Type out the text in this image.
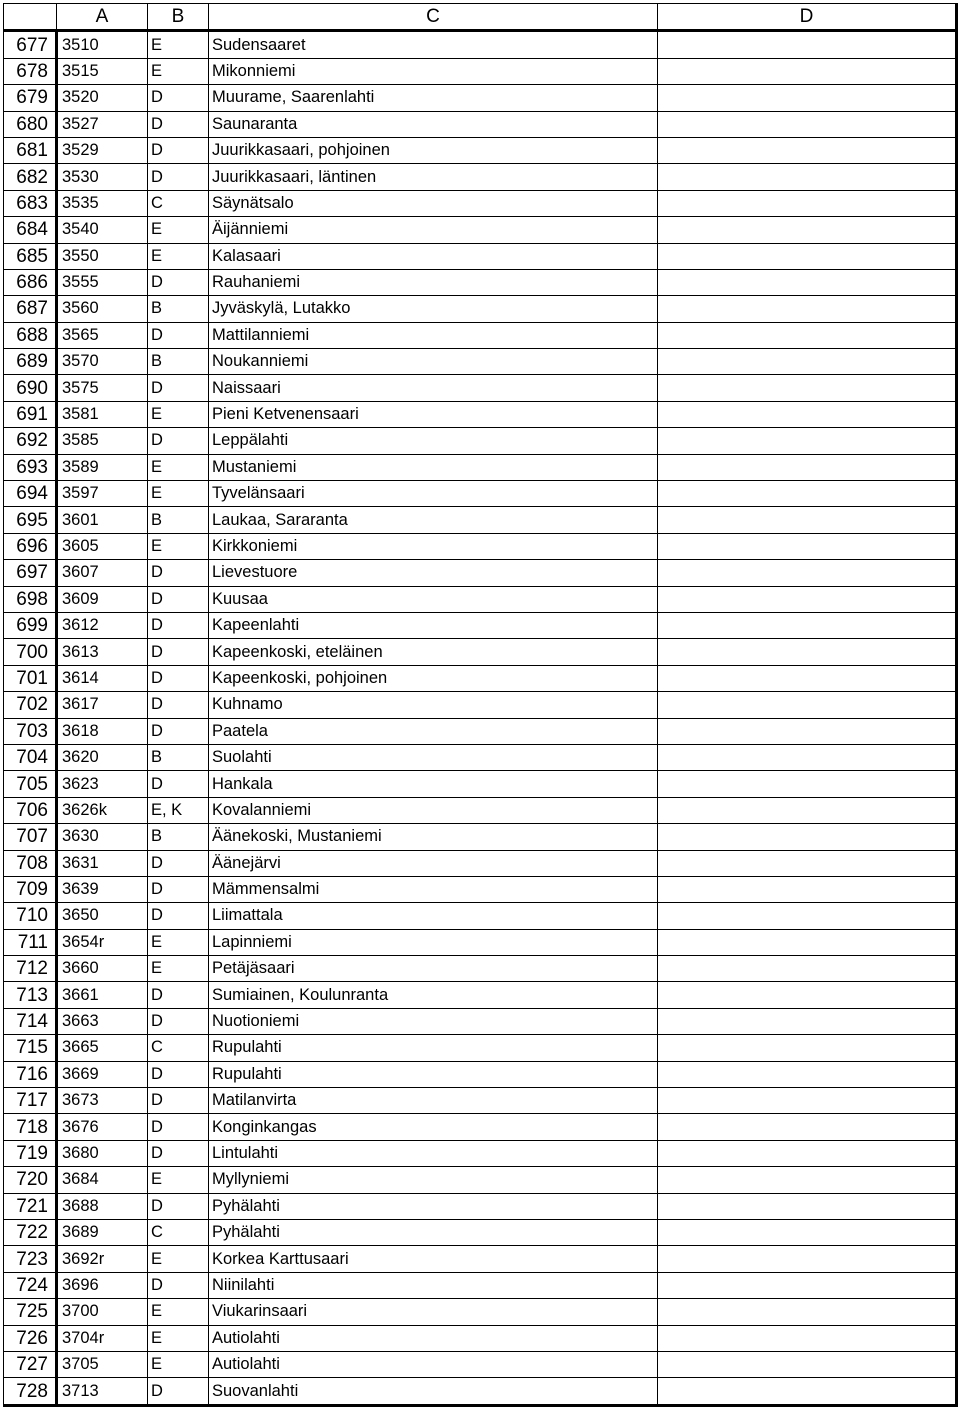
	A	B	C	D
677	3510	E	Sudensaaret	
678	3515	E	Mikonniemi	
679	3520	D	Muurame, Saarenlahti	
680	3527	D	Saunaranta	
681	3529	D	Juurikkasaari, pohjoinen	
682	3530	D	Juurikkasaari, läntinen	
683	3535	C	Säynätsalo	
684	3540	E	Äijänniemi	
685	3550	E	Kalasaari	
686	3555	D	Rauhaniemi	
687	3560	B	Jyväskylä, Lutakko	
688	3565	D	Mattilanniemi	
689	3570	B	Noukanniemi	
690	3575	D	Naissaari	
691	3581	E	Pieni Ketvenensaari	
692	3585	D	Leppälahti	
693	3589	E	Mustaniemi	
694	3597	E	Tyvelänsaari	
695	3601	B	Laukaa, Sararanta	
696	3605	E	Kirkkoniemi	
697	3607	D	Lievestuore	
698	3609	D	Kuusaa	
699	3612	D	Kapeenlahti	
700	3613	D	Kapeenkoski, eteläinen	
701	3614	D	Kapeenkoski, pohjoinen	
702	3617	D	Kuhnamo	
703	3618	D	Paatela	
704	3620	B	Suolahti	
705	3623	D	Hankala	
706	3626k	E, K	Kovalanniemi	
707	3630	B	Äänekoski, Mustaniemi	
708	3631	D	Äänejärvi	
709	3639	D	Mämmensalmi	
710	3650	D	Liimattala	
711	3654r	E	Lapinniemi	
712	3660	E	Petäjäsaari	
713	3661	D	Sumiainen, Koulunranta	
714	3663	D	Nuotioniemi	
715	3665	C	Rupulahti	
716	3669	D	Rupulahti	
717	3673	D	Matilanvirta	
718	3676	D	Konginkangas	
719	3680	D	Lintulahti	
720	3684	E	Myllyniemi	
721	3688	D	Pyhälahti	
722	3689	C	Pyhälahti	
723	3692r	E	Korkea Karttusaari	
724	3696	D	Niinilahti	
725	3700	E	Viukarinsaari	
726	3704r	E	Autiolahti	
727	3705	E	Autiolahti	
728	3713	D	Suovanlahti	
